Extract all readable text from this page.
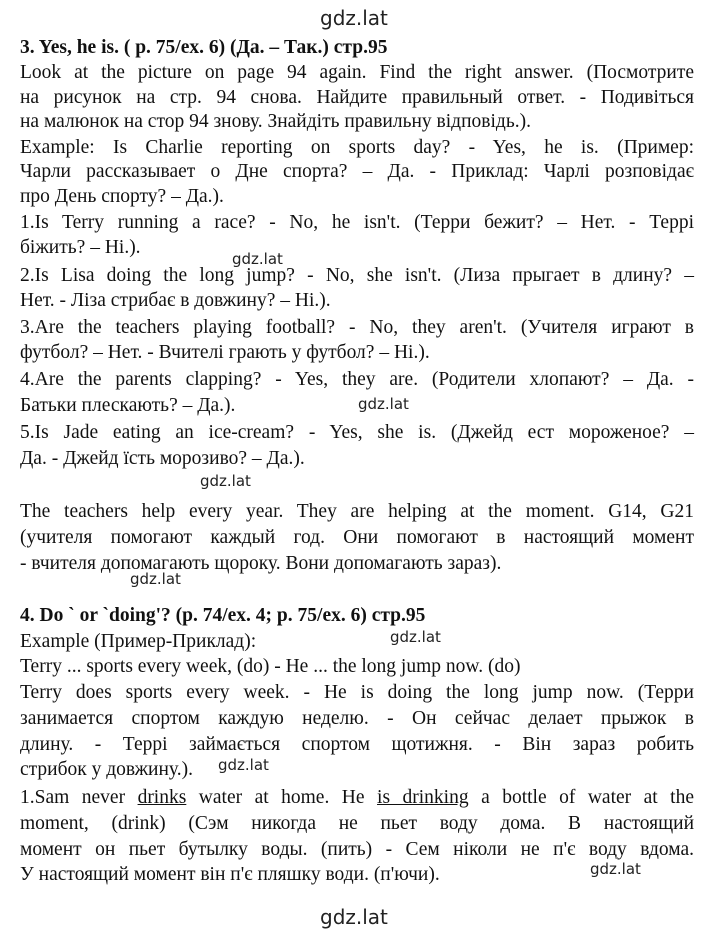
gdz.lat
gdz.lat
gdz.lat
gdz.lat
gdz.lat
gdz.lat
gdz.lat
gdz.lat
gdz.lat
3. Yes, he is. ( p. 75/ex. 6) (Да. – Так.) стр.95
Look at the picture on page 94 again. Find the right answer. (Посмотрите
на рисунок на стр. 94 снова. Найдите правильный ответ. - Подивіться
на малюнок на стор 94 знову. Знайдіть правильну відповідь.).
Example: Is Charlie reporting on sports day? - Yes, he is. (Пример:
Чарли рассказывает о Дне спорта? – Да. - Приклад: Чарлі розповідає
про День спорту? – Да.).
1.Is Terry running a race? - No, he isn't. (Терри бежит? – Нет. - Террі
біжить? – Ні.).
2.Is Lisa doing the long jump? - No, she isn't. (Лиза прыгает в длину? –
Нет. - Ліза стрибає в довжину? – Ні.).
3.Are the teachers playing football? - No, they aren't. (Учителя играют в
футбол? – Нет. - Вчителі грають у футбол? – Ні.).
4.Are the parents clapping? - Yes, they are. (Родители хлопают? – Да. -
Батьки плескають? – Да.).
5.Is Jade eating an ice-cream? - Yes, she is. (Джейд ест мороженое? –
Да. - Джейд їсть морозиво? – Да.).
The teachers help every year. They are helping at the moment. G14, G21
(учителя помогают каждый год. Они помогают в настоящий момент
- вчителя допомагають щороку. Вони допомагають зараз).
4. Do ` or `doing'? (p. 74/ex. 4; p. 75/ex. 6) стр.95
Example (Пример-Приклад):
Terry ... sports every week, (do) - He ... the long jump now. (do)
Terry does sports every week. - He is doing the long jump now. (Терри
занимается спортом каждую неделю. - Он сейчас делает прыжок в
длину. - Террі займається спортом щотижня. - Він зараз робить
стрибок у довжину.).
1.Sam never drinks water at home. He is drinking a bottle of water at the
moment, (drink) (Сэм никогда не пьет воду дома. В настоящий
момент он пьет бутылку воды. (пить) - Сем ніколи не п'є воду вдома.
У настоящий момент він п'є пляшку води. (п'ючи).
